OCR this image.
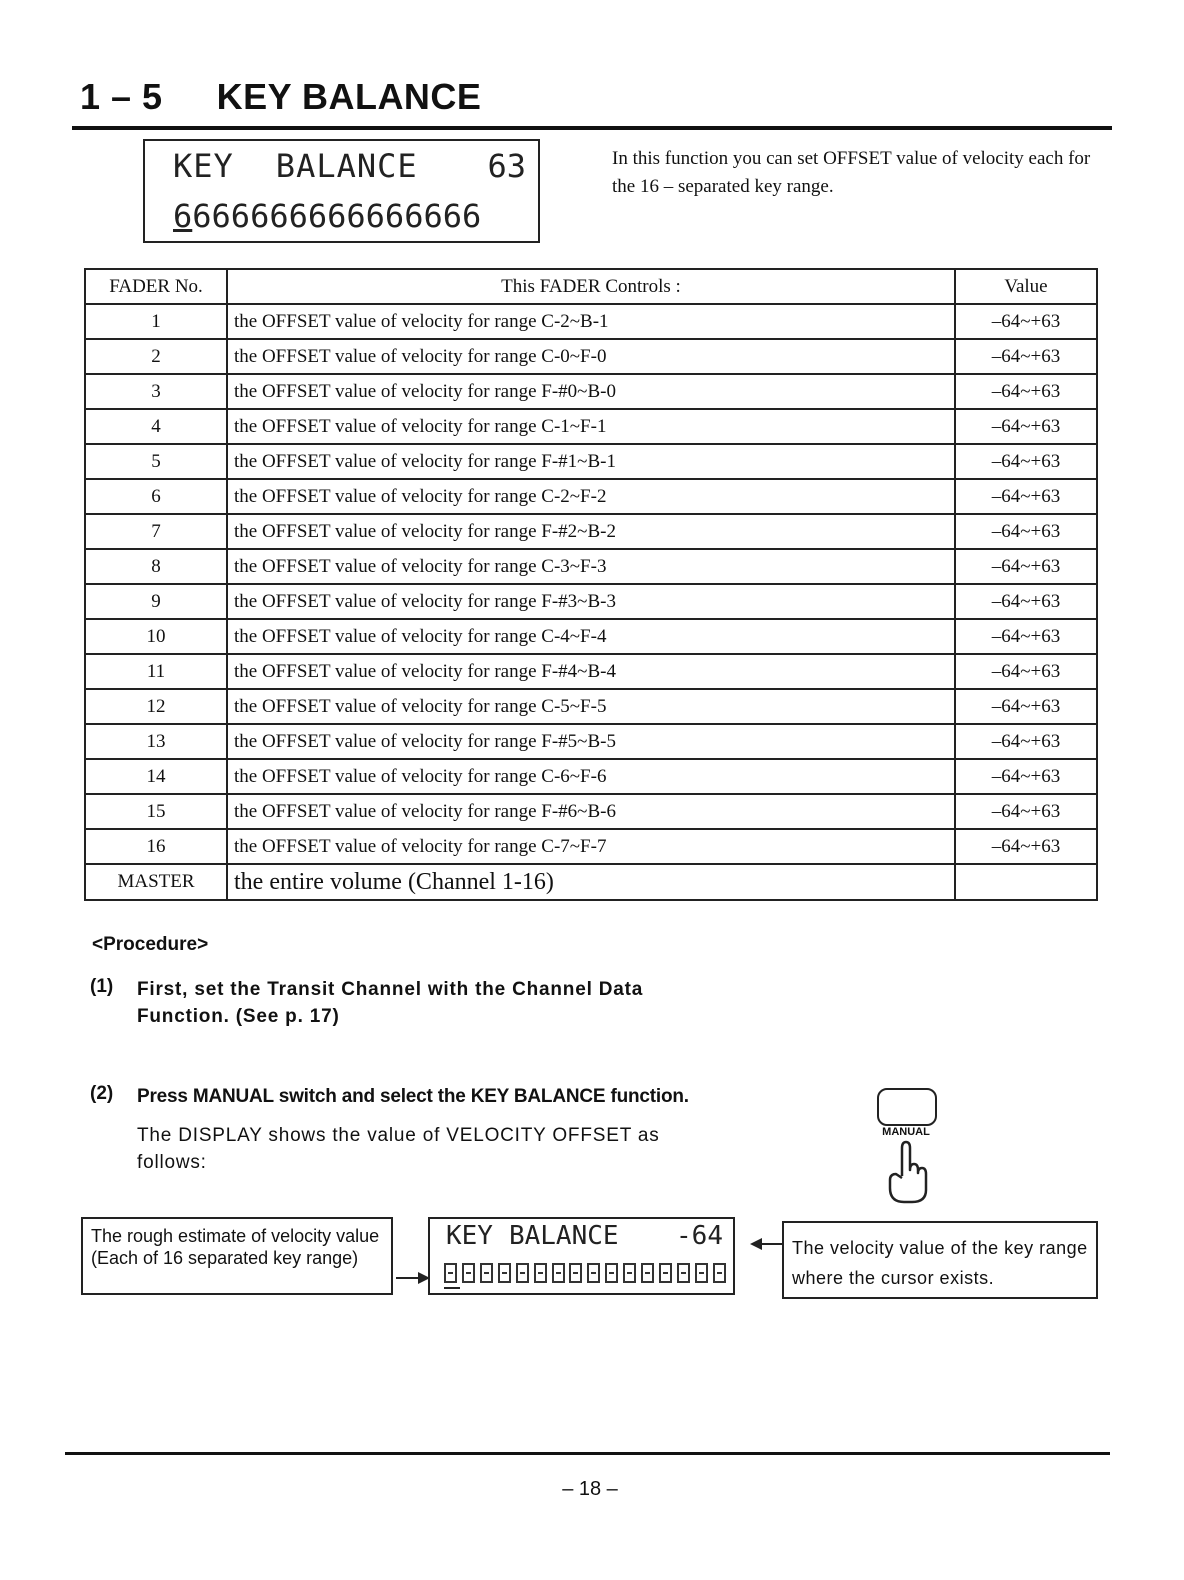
1 – 5 KEY BALANCE
KEY BALANCE 63
6666666666666666
In this function you can set OFFSET value of velocity each for the 16 – separated key range.
FADER No.	This FADER Controls :	Value
1	the OFFSET value of velocity for range C-2~B-1	–64~+63
2	the OFFSET value of velocity for range C-0~F-0	–64~+63
3	the OFFSET value of velocity for range F-#0~B-0	–64~+63
4	the OFFSET value of velocity for range C-1~F-1	–64~+63
5	the OFFSET value of velocity for range F-#1~B-1	–64~+63
6	the OFFSET value of velocity for range C-2~F-2	–64~+63
7	the OFFSET value of velocity for range F-#2~B-2	–64~+63
8	the OFFSET value of velocity for range C-3~F-3	–64~+63
9	the OFFSET value of velocity for range F-#3~B-3	–64~+63
10	the OFFSET value of velocity for range C-4~F-4	–64~+63
11	the OFFSET value of velocity for range F-#4~B-4	–64~+63
12	the OFFSET value of velocity for range C-5~F-5	–64~+63
13	the OFFSET value of velocity for range F-#5~B-5	–64~+63
14	the OFFSET value of velocity for range C-6~F-6	–64~+63
15	the OFFSET value of velocity for range F-#6~B-6	–64~+63
16	the OFFSET value of velocity for range C-7~F-7	–64~+63
MASTER	the entire volume (Channel 1-16)	
<Procedure>
(1) First, set the Transit Channel with the Channel Data Function. (See p. 17)
(2) Press MANUAL switch and select the KEY BALANCE function.
The DISPLAY shows the value of VELOCITY OFFSET as follows:
MANUAL
The rough estimate of velocity value (Each of 16 separated key range)
KEY BALANCE -64	The velocity value of the key range where the cursor exists.
– 18 –
